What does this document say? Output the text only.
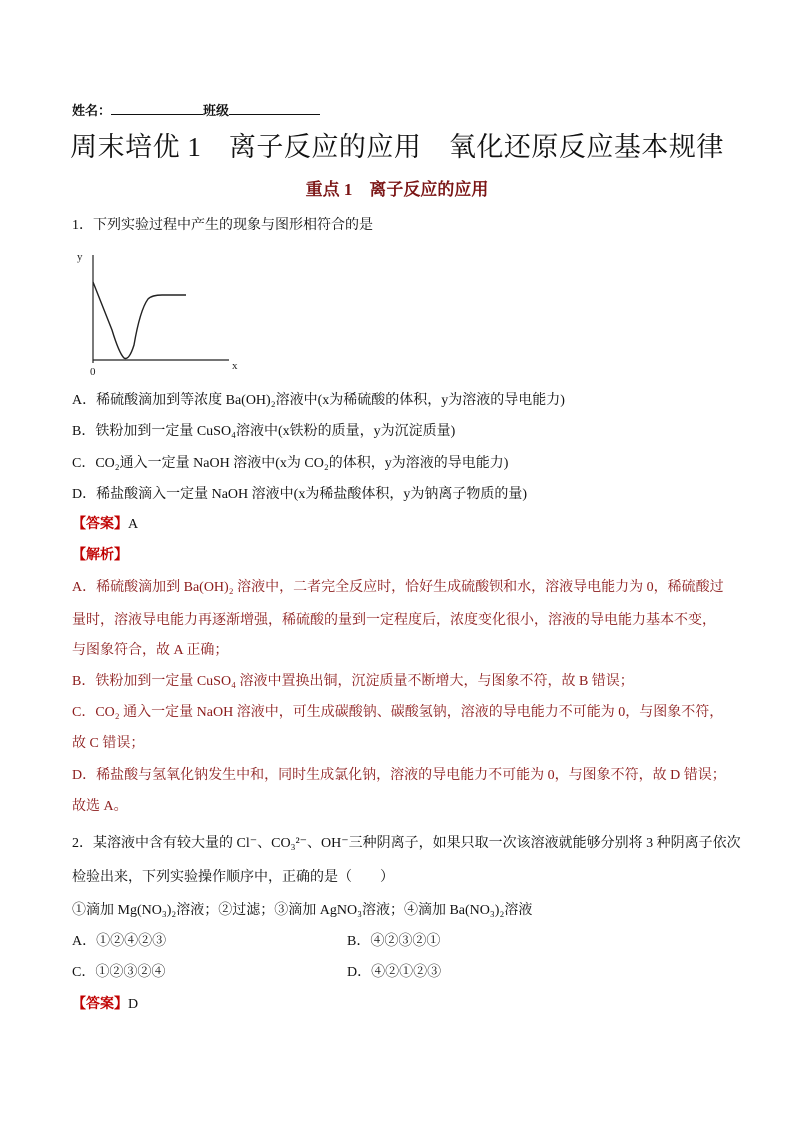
姓名：	班级
周末培优 1　离子反应的应用　氧化还原反应基本规律
重点 1　离子反应的应用
1．下列实验过程中产生的现象与图形相符合的是
y
x
0
A．稀硫酸滴加到等浓度 Ba(OH)₂溶液中(x为稀硫酸的体积，y为溶液的导电能力)
B．铁粉加到一定量 CuSO₄溶液中(x铁粉的质量，y为沉淀质量)
C．CO₂通入一定量 NaOH 溶液中(x为 CO₂的体积，y为溶液的导电能力)
D．稀盐酸滴入一定量 NaOH 溶液中(x为稀盐酸体积，y为钠离子物质的量)
【答案】A
【解析】
A．稀硫酸滴加到 Ba(OH)₂ 溶液中，二者完全反应时，恰好生成硫酸钡和水，溶液导电能力为 0，稀硫酸过
量时，溶液导电能力再逐渐增强，稀硫酸的量到一定程度后，浓度变化很小，溶液的导电能力基本不变，
与图象符合，故 A 正确；
B．铁粉加到一定量 CuSO₄ 溶液中置换出铜，沉淀质量不断增大，与图象不符，故 B 错误；
C．CO₂ 通入一定量 NaOH 溶液中，可生成碳酸钠、碳酸氢钠，溶液的导电能力不可能为 0，与图象不符，
故 C 错误；
D．稀盐酸与氢氧化钠发生中和，同时生成氯化钠，溶液的导电能力不可能为 0，与图象不符，故 D 错误；
故选 A。
2．某溶液中含有较大量的 Cl⁻、CO₃²⁻、OH⁻三种阴离子，如果只取一次该溶液就能够分别将 3 种阴离子依次
检验出来，下列实验操作顺序中，正确的是（　　）
①滴加 Mg(NO₃)₂溶液；②过滤；③滴加 AgNO₃溶液；④滴加 Ba(NO₃)₂溶液
A．①②④②③	B．④②③②①
C．①②③②④	D．④②①②③
【答案】D
